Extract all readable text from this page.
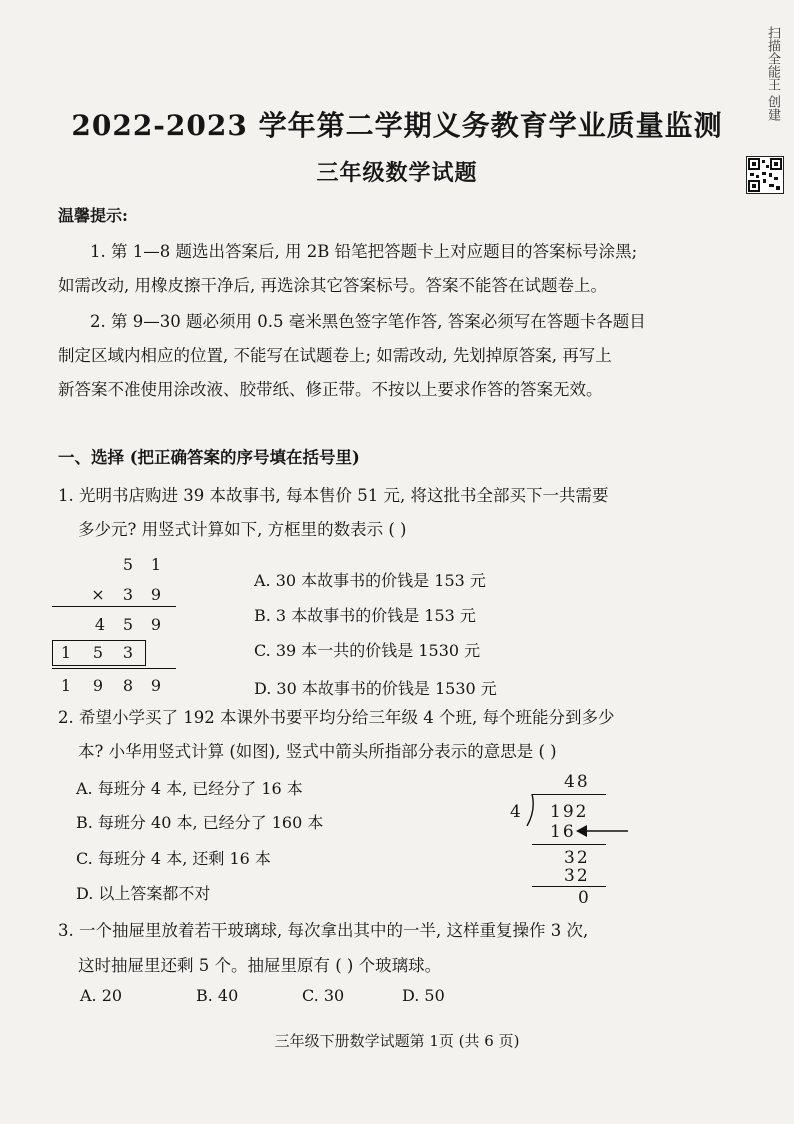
扫描全能王 创建
2022-2023 学年第二学期义务教育学业质量监测
三年级数学试题
温馨提示:
1. 第 1—8 题选出答案后, 用 2B 铅笔把答题卡上对应题目的答案标号涂黑;
如需改动, 用橡皮擦干净后, 再选涂其它答案标号。答案不能答在试题卷上。
2. 第 9—30 题必须用 0.5 毫米黑色签字笔作答, 答案必须写在答题卡各题目
制定区域内相应的位置, 不能写在试题卷上; 如需改动, 先划掉原答案, 再写上
新答案不准使用涂改液、胶带纸、修正带。不按以上要求作答的答案无效。
一、选择 (把正确答案的序号填在括号里)
1. 光明书店购进 39 本故事书, 每本售价 51 元, 将这批书全部买下一共需要
多少元? 用竖式计算如下, 方框里的数表示 ( )
5	1
×	3	9
4	5	9
1	5	3
1	9	8	9
A. 30 本故事书的价钱是 153 元
B. 3 本故事书的价钱是 153 元
C. 39 本一共的价钱是 1530 元
D. 30 本故事书的价钱是 1530 元
2. 希望小学买了 192 本课外书要平均分给三年级 4 个班, 每个班能分到多少
本? 小华用竖式计算 (如图), 竖式中箭头所指部分表示的意思是 ( )
A. 每班分 4 本, 已经分了 16 本
B. 每班分 40 本, 已经分了 160 本
C. 每班分 4 本, 还剩 16 本
D. 以上答案都不对
48
4 192
16
32
32
0
3. 一个抽屉里放着若干玻璃球, 每次拿出其中的一半, 这样重复操作 3 次,
这时抽屉里还剩 5 个。抽屉里原有 ( ) 个玻璃球。
A. 20	B. 40	C. 30	D. 50
三年级下册数学试题第 1页 (共 6 页)
